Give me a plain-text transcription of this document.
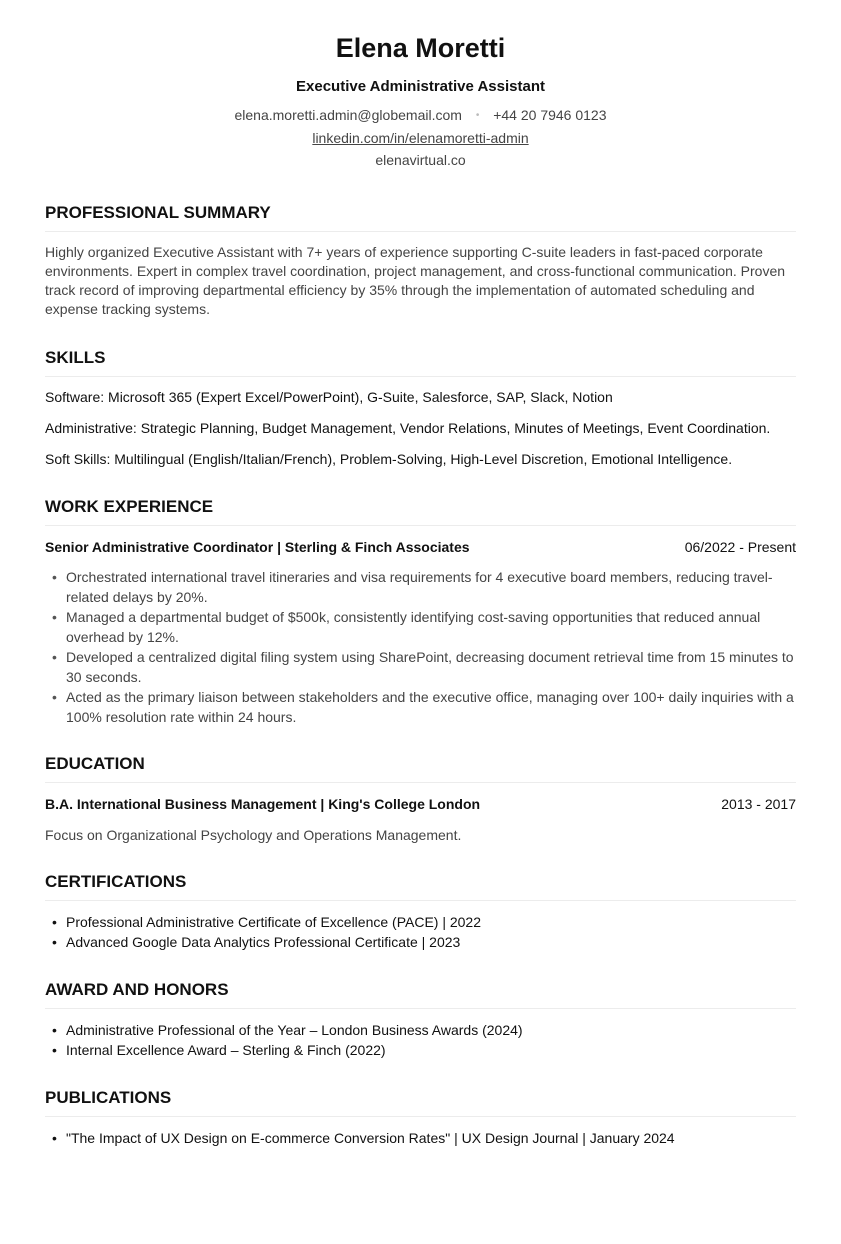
Elena Moretti
Executive Administrative Assistant
elena.moretti.admin@globemail.com • +44 20 7946 0123
linkedin.com/in/elenamoretti-admin
elenavirtual.co
PROFESSIONAL SUMMARY
Highly organized Executive Assistant with 7+ years of experience supporting C-suite leaders in fast-paced corporate environments. Expert in complex travel coordination, project management, and cross-functional communication. Proven track record of improving departmental efficiency by 35% through the implementation of automated scheduling and expense tracking systems.
SKILLS
Software: Microsoft 365 (Expert Excel/PowerPoint), G-Suite, Salesforce, SAP, Slack, Notion
Administrative: Strategic Planning, Budget Management, Vendor Relations, Minutes of Meetings, Event Coordination.
Soft Skills: Multilingual (English/Italian/French), Problem-Solving, High-Level Discretion, Emotional Intelligence.
WORK EXPERIENCE
Senior Administrative Coordinator | Sterling & Finch Associates	06/2022 - Present
• Orchestrated international travel itineraries and visa requirements for 4 executive board members, reducing travel-related delays by 20%.
• Managed a departmental budget of $500k, consistently identifying cost-saving opportunities that reduced annual overhead by 12%.
• Developed a centralized digital filing system using SharePoint, decreasing document retrieval time from 15 minutes to 30 seconds.
• Acted as the primary liaison between stakeholders and the executive office, managing over 100+ daily inquiries with a 100% resolution rate within 24 hours.
EDUCATION
B.A. International Business Management | King's College London	2013 - 2017
Focus on Organizational Psychology and Operations Management.
CERTIFICATIONS
• Professional Administrative Certificate of Excellence (PACE) | 2022
• Advanced Google Data Analytics Professional Certificate | 2023
AWARD AND HONORS
• Administrative Professional of the Year – London Business Awards (2024)
• Internal Excellence Award – Sterling & Finch (2022)
PUBLICATIONS
• "The Impact of UX Design on E-commerce Conversion Rates" | UX Design Journal | January 2024
